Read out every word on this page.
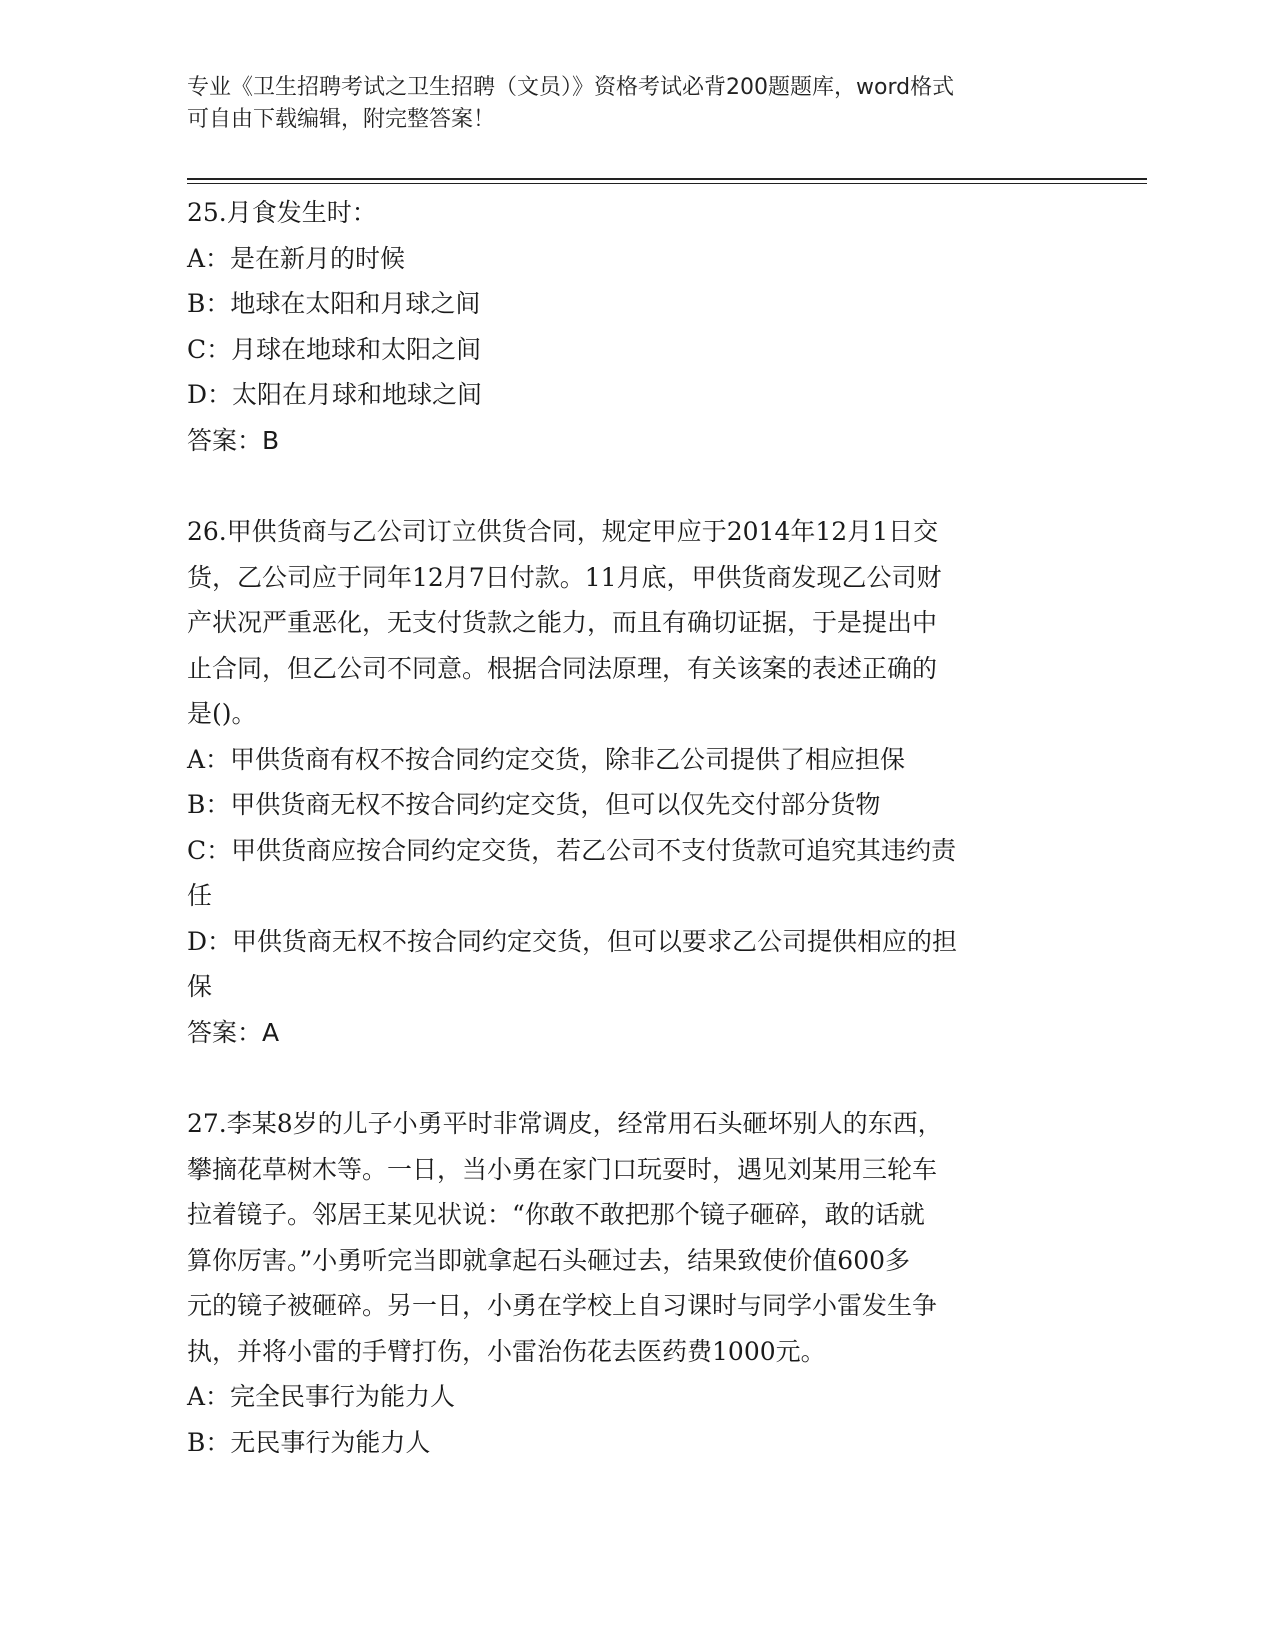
专业《卫生招聘考试之卫生招聘（文员）》资格考试必背200题题库，word格式
可自由下载编辑，附完整答案！
25.月食发生时：
A：是在新月的时候
B：地球在太阳和月球之间
C：月球在地球和太阳之间
D：太阳在月球和地球之间
答案：B
26.甲供货商与乙公司订立供货合同，规定甲应于2014年12月1日交
货，乙公司应于同年12月7日付款。11月底，甲供货商发现乙公司财
产状况严重恶化，无支付货款之能力，而且有确切证据，于是提出中
止合同，但乙公司不同意。根据合同法原理，有关该案的表述正确的
是()。
A：甲供货商有权不按合同约定交货，除非乙公司提供了相应担保
B：甲供货商无权不按合同约定交货，但可以仅先交付部分货物
C：甲供货商应按合同约定交货，若乙公司不支付货款可追究其违约责
任
D：甲供货商无权不按合同约定交货，但可以要求乙公司提供相应的担
保
答案：A
27.李某8岁的儿子小勇平时非常调皮，经常用石头砸坏别人的东西，
攀摘花草树木等。一日，当小勇在家门口玩耍时，遇见刘某用三轮车
拉着镜子。邻居王某见状说：“你敢不敢把那个镜子砸碎，敢的话就
算你厉害。”小勇听完当即就拿起石头砸过去，结果致使价值600多
元的镜子被砸碎。另一日，小勇在学校上自习课时与同学小雷发生争
执，并将小雷的手臂打伤，小雷治伤花去医药费1000元。
A：完全民事行为能力人
B：无民事行为能力人
